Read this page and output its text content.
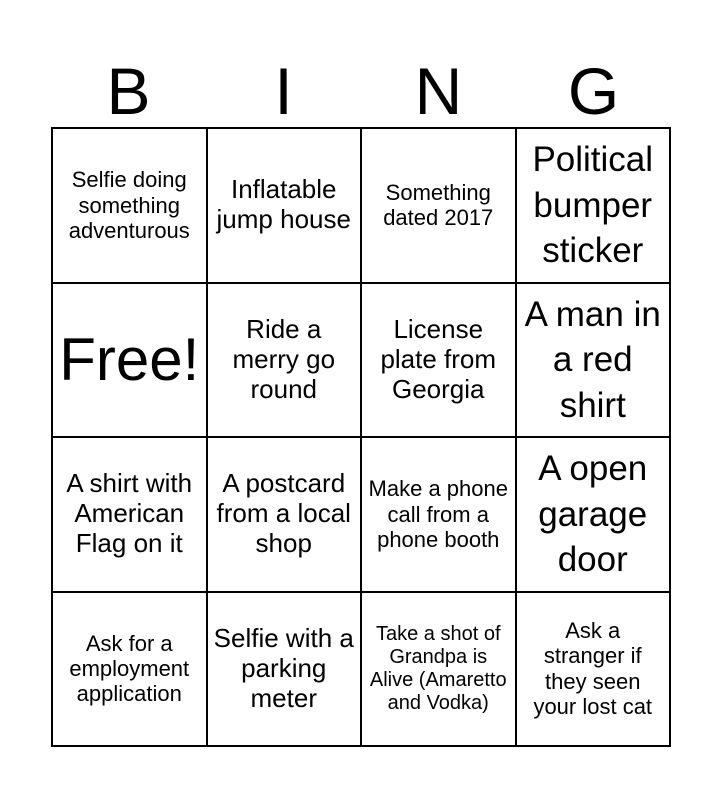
B	I	N	G
Selfie doing something adventurous
Inflatable jump house
Something dated 2017
Political bumper sticker
Free!	Ride a merry go round
License plate from Georgia
A man in a red shirt
A shirt with American Flag on it
A postcard from a local shop
Make a phone call from a phone booth
A open garage door
Ask for a employment application
Selfie with a parking meter
Take a shot of Grandpa is Alive (Amaretto and Vodka)
Ask a stranger if they seen your lost cat
